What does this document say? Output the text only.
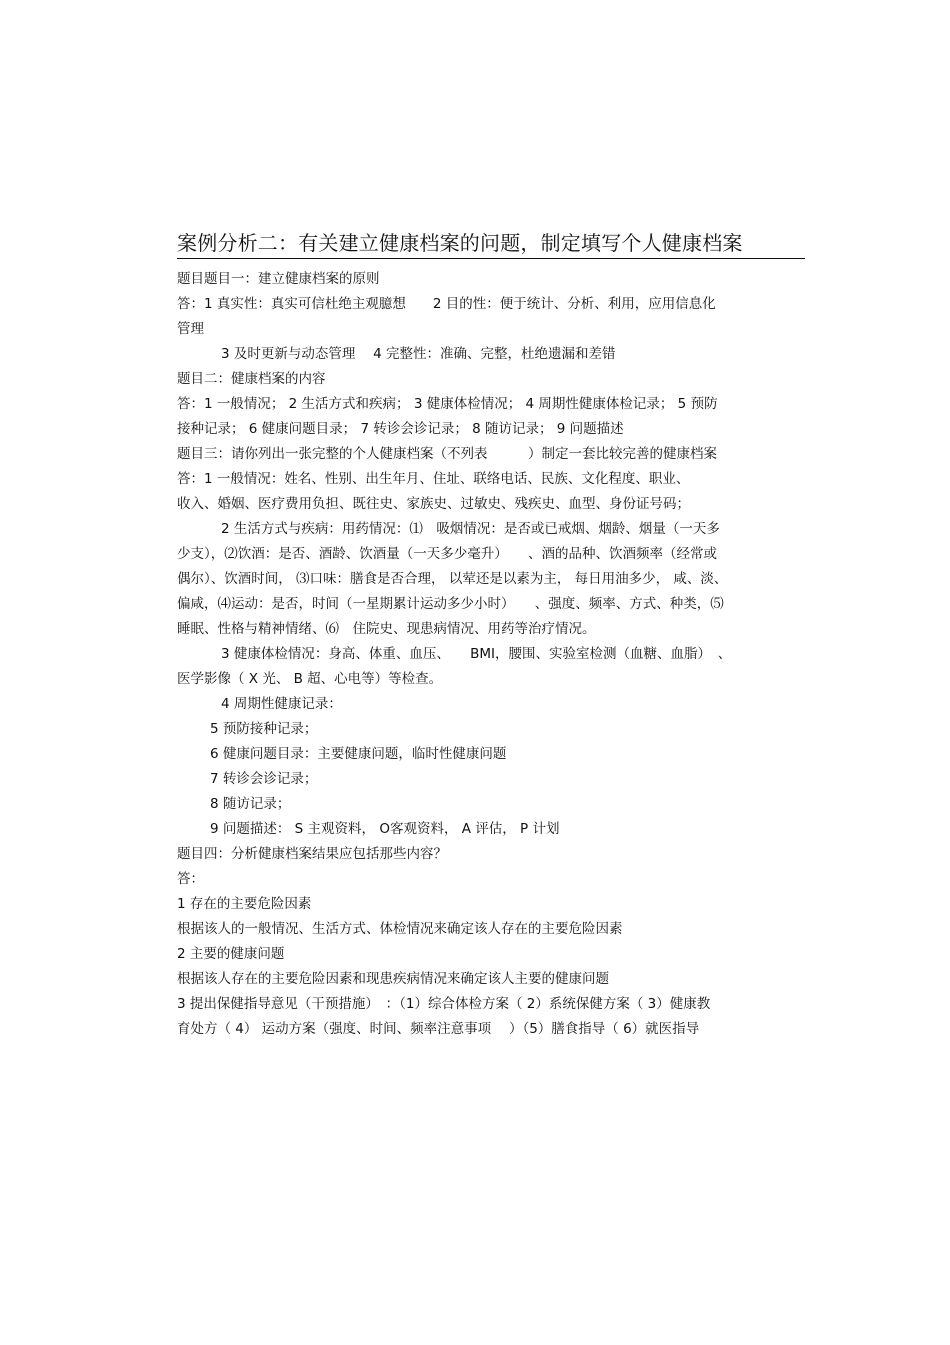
案例分析二：有关建立健康档案的问题，制定填写个人健康档案
题目题目一：建立健康档案的原则
答：1 真实性：真实可信杜绝主观臆想　　2 目的性：便于统计、分析、利用，应用信息化
管理
3 及时更新与动态管理　 4 完整性：准确、完整，杜绝遗漏和差错
题目二：健康档案的内容
答：1 一般情况； 2 生活方式和疾病； 3 健康体检情况； 4 周期性健康体检记录； 5 预防
接种记录； 6 健康问题目录； 7 转诊会诊记录； 8 随访记录； 9 问题描述
题目三：请你列出一张完整的个人健康档案（不列表　　　）制定一套比较完善的健康档案
答：1 一般情况：姓名、性别、出生年月、住址、联络电话、民族、文化程度、职业、
收入、婚姻、医疗费用负担、既往史、家族史、过敏史、残疾史、血型、身份证号码；
2 生活方式与疾病：用药情况：⑴　吸烟情况：是否或已戒烟、烟龄、烟量（一天多
少支），⑵饮酒：是否、酒龄、饮酒量（一天多少毫升）　　、酒的品种、饮酒频率（经常或
偶尔）、饮酒时间， ⑶口味：膳食是否合理， 以荤还是以素为主， 每日用油多少， 咸、淡、
偏咸，⑷运动：是否，时间（一星期累计运动多少小时）　　、强度、频率、方式、种类，⑸
睡眠、性格与精神情绪、⑹　住院史、现患病情况、用药等治疗情况。
3 健康体检情况：身高、体重、血压、　　BMI，腰围、实验室检测（血糖、血脂）　、
医学影像（ X 光、 B 超、心电等）等检查。
4 周期性健康记录：
5 预防接种记录；
6 健康问题目录：主要健康问题，临时性健康问题
7 转诊会诊记录；
8 随访记录；
9 问题描述： S 主观资料， O客观资料， A 评估， P 计划
题目四：分析健康档案结果应包括那些内容？
答：
1 存在的主要危险因素
根据该人的一般情况、生活方式、体检情况来确定该人存在的主要危险因素
2 主要的健康问题
根据该人存在的主要危险因素和现患疾病情况来确定该人主要的健康问题
3 提出保健指导意见（干预措施）　：（1）综合体检方案（ 2）系统保健方案（ 3）健康教
育处方（ 4） 运动方案（强度、时间、频率注意事项　 ）（5）膳食指导（ 6）就医指导
